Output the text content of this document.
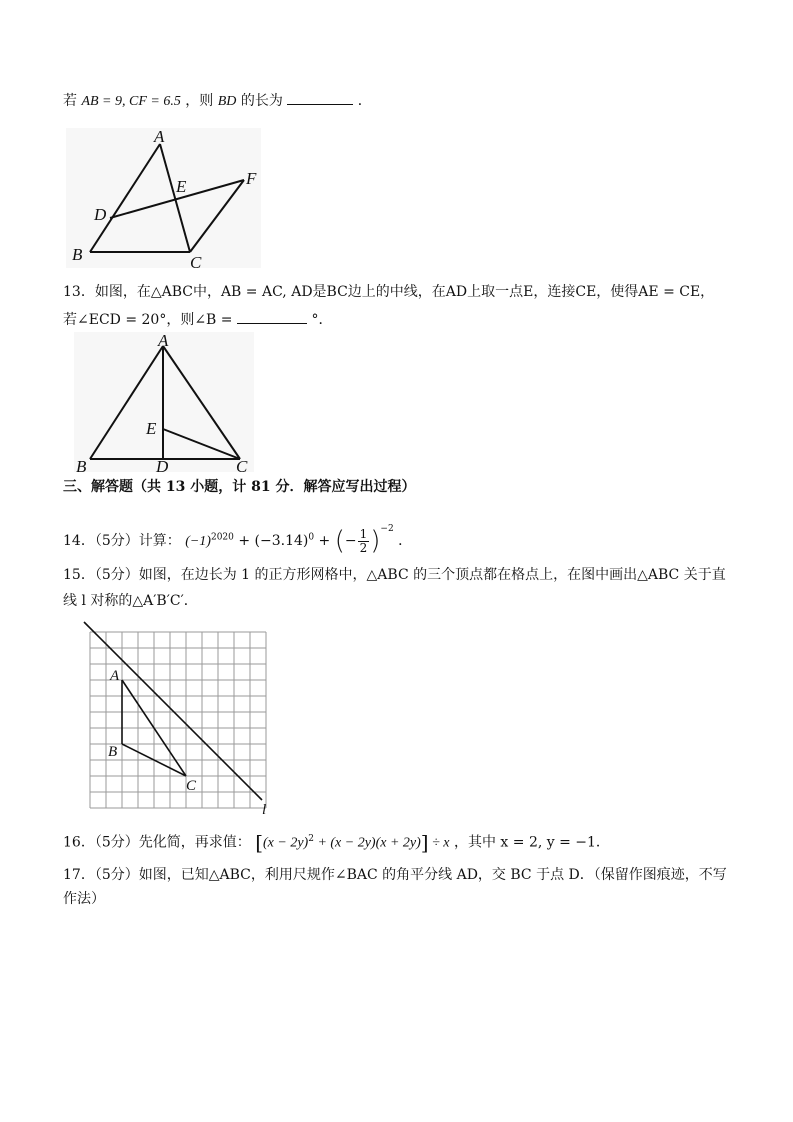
若 AB = 9, CF = 6.5 ，则 BD 的长为	．
A
B	C
D
E	F
13．如图，在△ABC中，AB = AC, AD是BC边上的中线，在AD上取一点E，连接CE，使得AE = CE，
若∠ECD = 20°，则∠B =	°．
A
B	C
D
E
三、解答题（共 13 小题，计 81 分．解答应写出过程）
14．（5分）计算： $(-1)^{2020} + (-3.14)^0$ + (− $\frac{1}{2} )^{-2}$ ．
15．（5分）如图，在边长为 1 的正方形网格中，△ABC 的三个顶点都在格点上，在图中画出△ABC 关于直
线 l 对称的△A′B′C′．
A
B
C
l
16．（5分）先化简，再求值： $[(x - 2y)^2 + (x - 2y)(x + 2y)] \div x$ ，其中 x = 2, y = −1．
17．（5分）如图，已知△ABC，利用尺规作∠BAC 的角平分线 AD，交 BC 于点 D．（保留作图痕迹，不写
作法）
